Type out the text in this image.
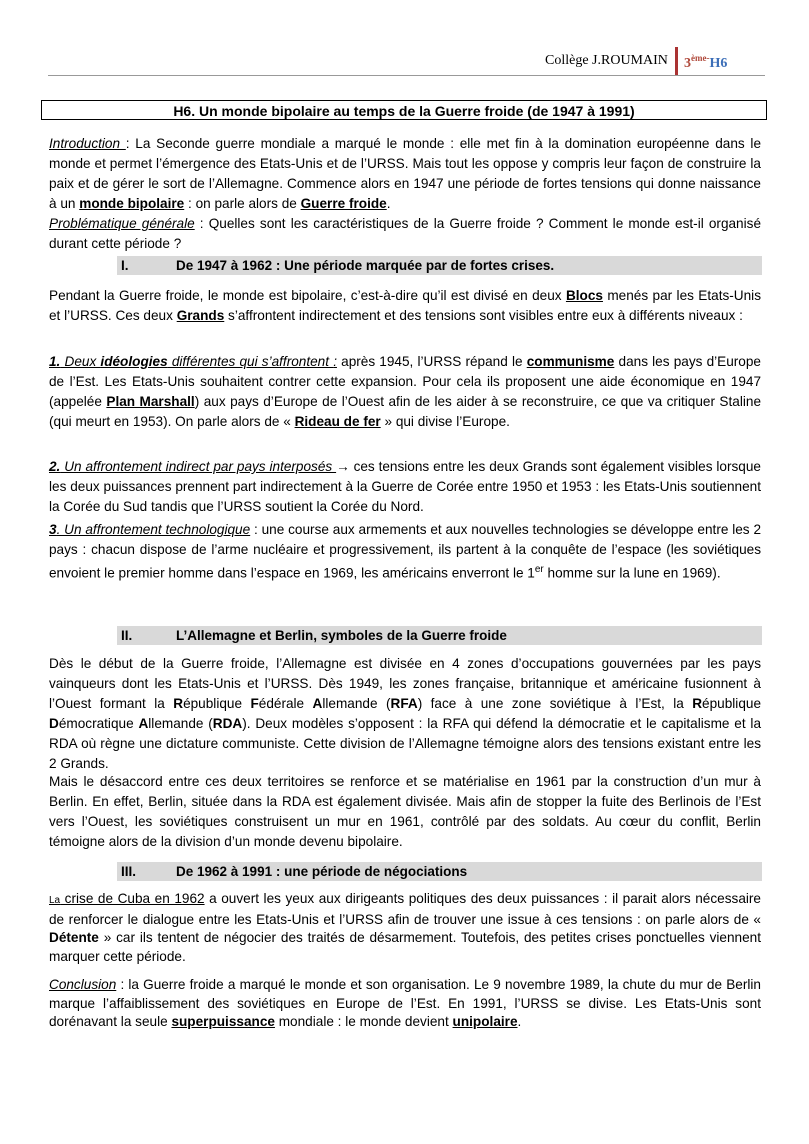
Collège J.ROUMAIN $3^{ème-}H6$
H6. Un monde bipolaire au temps de la Guerre froide (de 1947 à 1991)
Introduction : La Seconde guerre mondiale a marqué le monde : elle met fin à la domination européenne dans le monde et permet l’émergence des Etats-Unis et de l’URSS. Mais tout les oppose y compris leur façon de construire la paix et de gérer le sort de l’Allemagne. Commence alors en 1947 une période de fortes tensions qui donne naissance à un monde bipolaire : on parle alors de Guerre froide.
Problématique générale : Quelles sont les caractéristiques de la Guerre froide ? Comment le monde est-il organisé durant cette période ?
I.	De 1947 à 1962 : Une période marquée par de fortes crises.
Pendant la Guerre froide, le monde est bipolaire, c’est-à-dire qu’il est divisé en deux Blocs menés par les Etats-Unis et l’URSS. Ces deux Grands s’affrontent indirectement et des tensions sont visibles entre eux à différents niveaux :
1. Deux idéologies différentes qui s’affrontent : après 1945, l’URSS répand le communisme dans les pays d’Europe de l’Est. Les Etats-Unis souhaitent contrer cette expansion. Pour cela ils proposent une aide économique en 1947 (appelée Plan Marshall) aux pays d’Europe de l’Ouest afin de les aider à se reconstruire, ce que va critiquer Staline (qui meurt en 1953). On parle alors de « Rideau de fer » qui divise l’Europe.
2. Un affrontement indirect par pays interposés → ces tensions entre les deux Grands sont également visibles lorsque les deux puissances prennent part indirectement à la Guerre de Corée entre 1950 et 1953 : les Etats-Unis soutiennent la Corée du Sud tandis que l’URSS soutient la Corée du Nord.
3. Un affrontement technologique : une course aux armements et aux nouvelles technologies se développe entre les 2 pays : chacun dispose de l’arme nucléaire et progressivement, ils partent à la conquête de l’espace (les soviétiques envoient le premier homme dans l’espace en 1969, les américains enverront le 1er homme sur la lune en 1969).
II.	L’Allemagne et Berlin, symboles de la Guerre froide
Dès le début de la Guerre froide, l’Allemagne est divisée en 4 zones d’occupations gouvernées par les pays vainqueurs dont les Etats-Unis et l’URSS. Dès 1949, les zones française, britannique et américaine fusionnent à l’Ouest formant la République Fédérale Allemande (RFA) face à une zone soviétique à l’Est, la République Démocratique Allemande (RDA). Deux modèles s’opposent : la RFA qui défend la démocratie et le capitalisme et la RDA où règne une dictature communiste. Cette division de l’Allemagne témoigne alors des tensions existant entre les 2 Grands.
Mais le désaccord entre ces deux territoires se renforce et se matérialise en 1961 par la construction d’un mur à Berlin. En effet, Berlin, située dans la RDA est également divisée. Mais afin de stopper la fuite des Berlinois de l’Est vers l’Ouest, les soviétiques construisent un mur en 1961, contrôlé par des soldats. Au cœur du conflit, Berlin témoigne alors de la division d’un monde devenu bipolaire.
III.	De 1962 à 1991 : une période de négociations
La crise de Cuba en 1962 a ouvert les yeux aux dirigeants politiques des deux puissances : il parait alors nécessaire de renforcer le dialogue entre les Etats-Unis et l’URSS afin de trouver une issue à ces tensions : on parle alors de « Détente » car ils tentent de négocier des traités de désarmement. Toutefois, des petites crises ponctuelles viennent marquer cette période.
Conclusion : la Guerre froide a marqué le monde et son organisation. Le 9 novembre 1989, la chute du mur de Berlin marque l’affaiblissement des soviétiques en Europe de l’Est. En 1991, l’URSS se divise. Les Etats-Unis sont dorénavant la seule superpuissance mondiale : le monde devient unipolaire.
